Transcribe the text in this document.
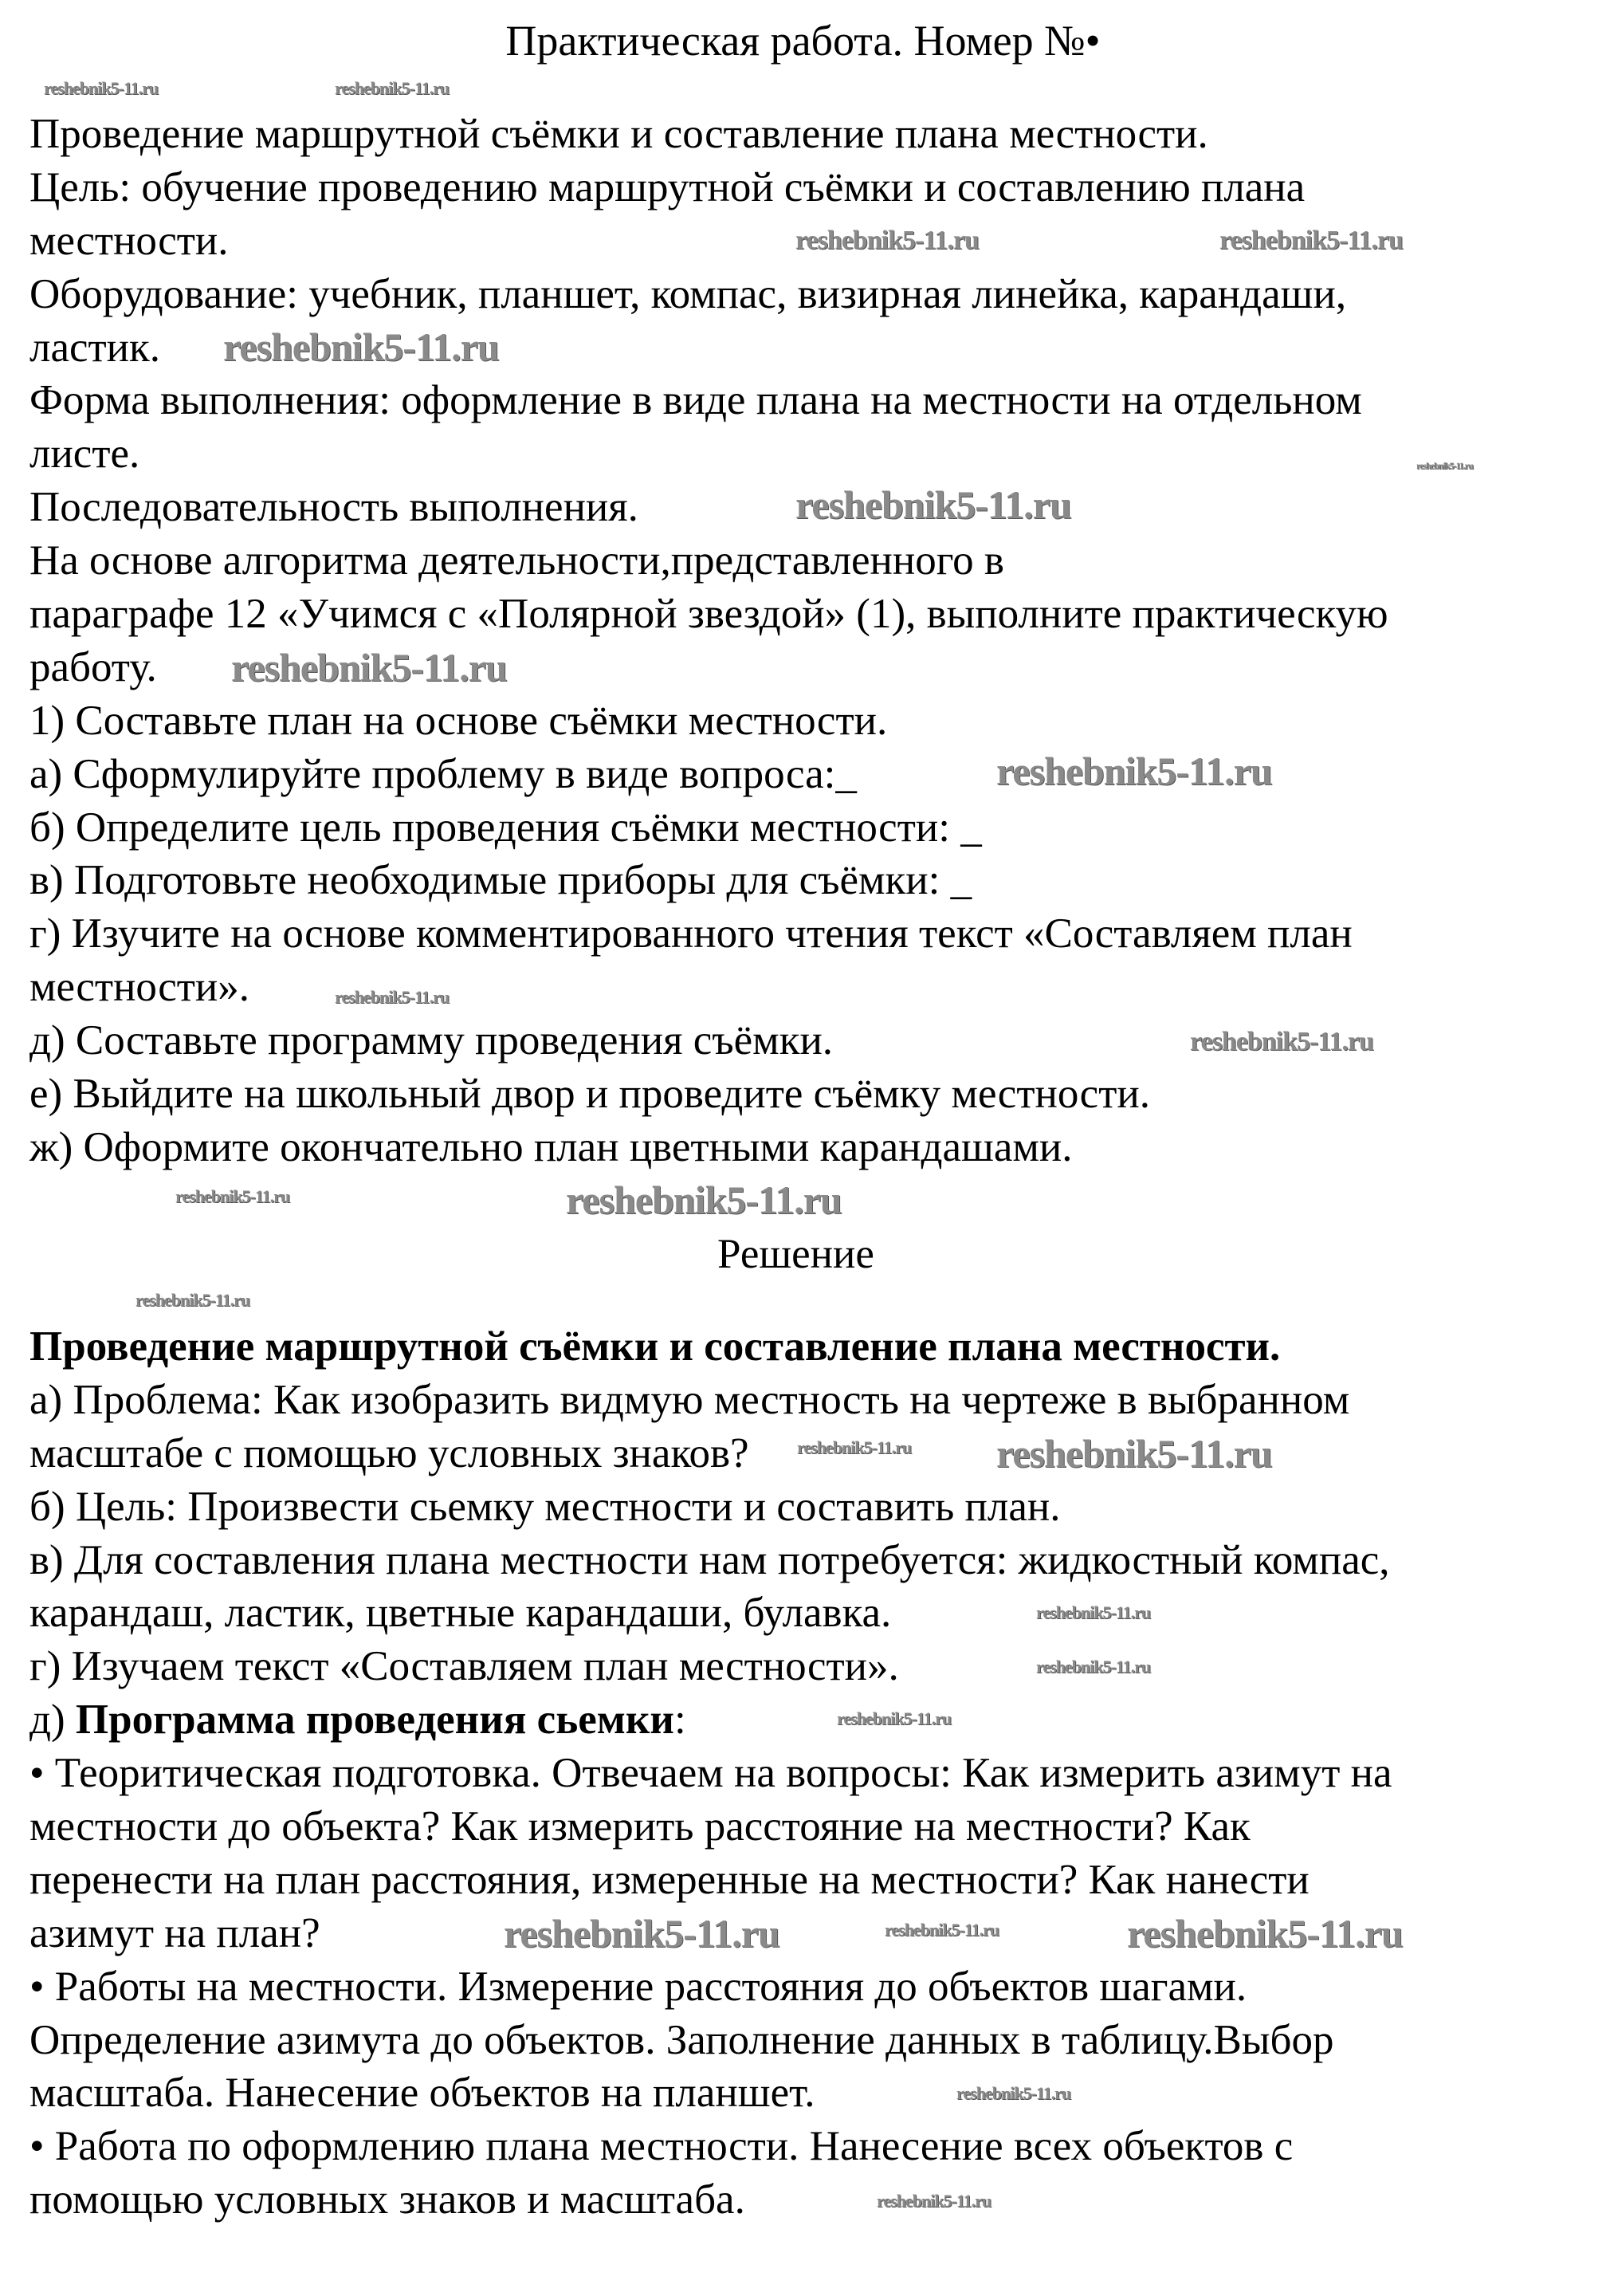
Практическая работа. Номер №•
Проведение маршрутной съёмки и составление плана местности.
Цель: обучение проведению маршрутной съёмки и составлению плана
местности.
Оборудование: учебник, планшет, компас, визирная линейка, карандаши,
ластик.
Форма выполнения: оформление в виде плана на местности на отдельном
листе.
Последовательность выполнения.
На основе алгоритма деятельности,представленного в
параграфе 12 «Учимся с «Полярной звездой» (1), выполните практическую
работу.
1) Составьте план на основе съёмки местности.
а) Сформулируйте проблему в виде вопроса:_
б) Определите цель проведения съёмки местности: _
в) Подготовьте необходимые приборы для съёмки: _
г) Изучите на основе комментированного чтения текст «Составляем план
местности».
д) Составьте программу проведения съёмки.
е) Выйдите на школьный двор и проведите съёмку местности.
ж) Оформите окончательно план цветными карандашами.
Решение
Проведение маршрутной съёмки и составление плана местности.
а) Проблема: Как изобразить видмую местность на чертеже в выбранном
масштабе с помощью условных знаков?
б) Цель: Произвести сьемку местности и составить план.
в) Для составления плана местности нам потребуется: жидкостный компас,
карандаш, ластик, цветные карандаши, булавка.
г) Изучаем текст «Составляем план местности».
д) Программа проведения сьемки:
• Теоритическая подготовка. Отвечаем на вопросы: Как измерить азимут на
местности до объекта? Как измерить расстояние на местности? Как
перенести на план расстояния, измеренные на местности? Как нанести
азимут на план?
• Работы на местности. Измерение расстояния до объектов шагами.
Определение азимута до объектов. Заполнение данных в таблицу.Выбор
масштаба. Нанесение объектов на планшет.
• Работа по оформлению плана местности. Нанесение всех объектов с
помощью условных знаков и масштаба.
reshebnik5-11.ru	reshebnik5-11.ru
reshebnik5-11.ru	reshebnik5-11.ru
reshebnik5-11.ru
reshebnik5-11.ru
reshebnik5-11.ru
reshebnik5-11.ru
reshebnik5-11.ru
reshebnik5-11.ru
reshebnik5-11.ru
reshebnik5-11.ru	reshebnik5-11.ru
reshebnik5-11.ru
reshebnik5-11.ru
reshebnik5-11.ru
reshebnik5-11.ru
reshebnik5-11.ru
reshebnik5-11.ru
reshebnik5-11.ru
reshebnik5-11.ru	reshebnik5-11.ru
reshebnik5-11.ru
reshebnik5-11.ru
